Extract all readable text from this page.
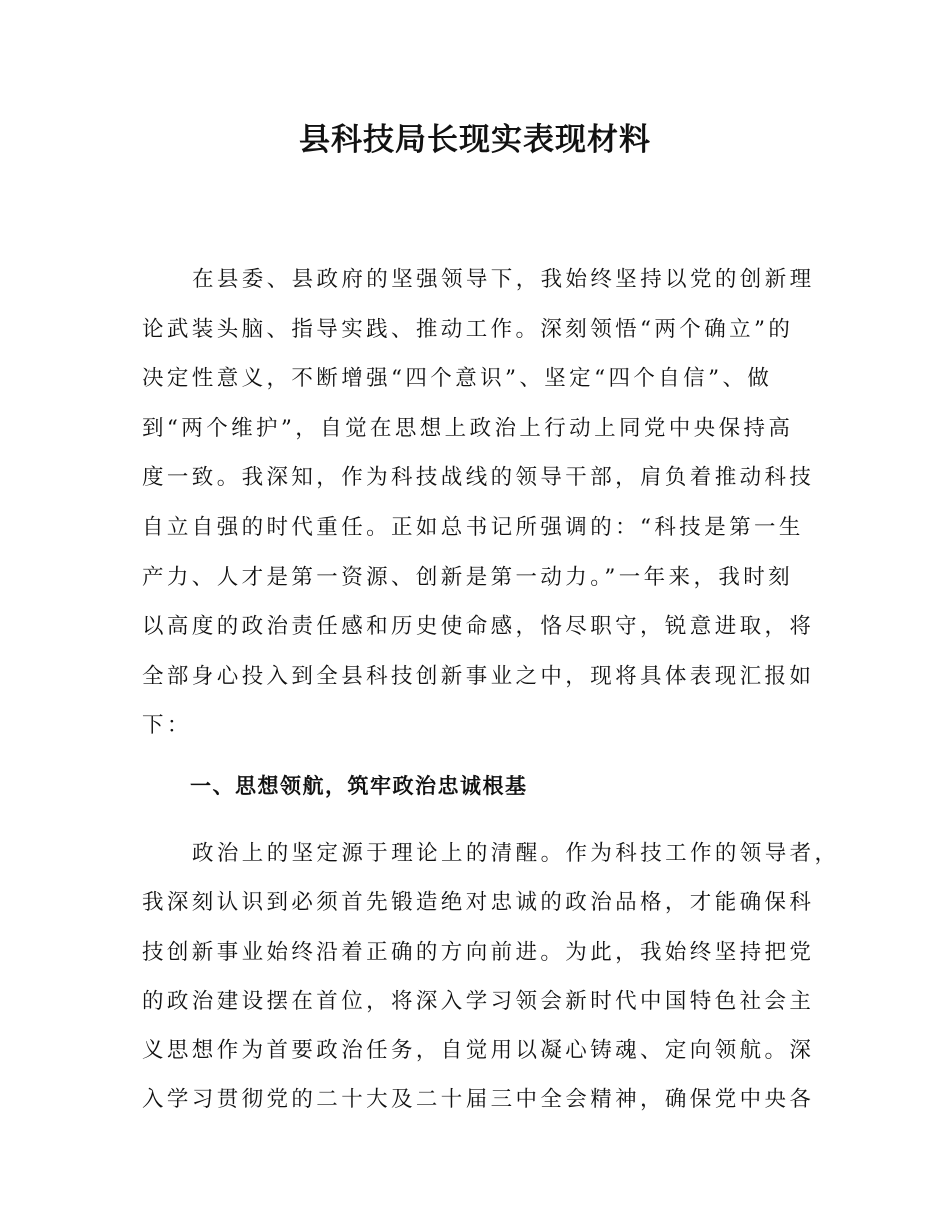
县科技局长现实表现材料
在县委、县政府的坚强领导下，我始终坚持以党的创新理
论武装头脑、指导实践、推动工作。深刻领悟“两个确立”的
决定性意义，不断增强“四个意识”、坚定“四个自信”、做
到“两个维护”，自觉在思想上政治上行动上同党中央保持高
度一致。我深知，作为科技战线的领导干部，肩负着推动科技
自立自强的时代重任。正如总书记所强调的：“科技是第一生
产力、人才是第一资源、创新是第一动力。”一年来，我时刻
以高度的政治责任感和历史使命感，恪尽职守，锐意进取，将
全部身心投入到全县科技创新事业之中，现将具体表现汇报如
下：
一、思想领航，筑牢政治忠诚根基
政治上的坚定源于理论上的清醒。作为科技工作的领导者，
我深刻认识到必须首先锻造绝对忠诚的政治品格，才能确保科
技创新事业始终沿着正确的方向前进。为此，我始终坚持把党
的政治建设摆在首位，将深入学习领会新时代中国特色社会主
义思想作为首要政治任务，自觉用以凝心铸魂、定向领航。深
入学习贯彻党的二十大及二十届三中全会精神，确保党中央各
